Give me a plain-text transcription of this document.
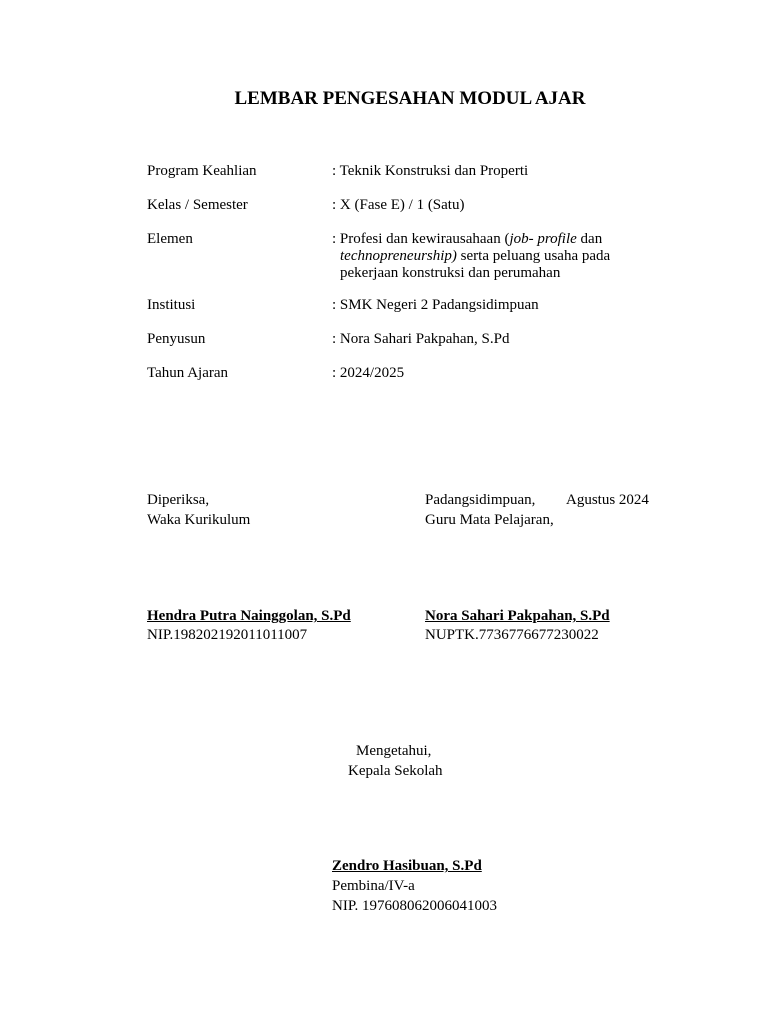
LEMBAR PENGESAHAN MODUL AJAR
Program Keahlian	: Teknik Konstruksi dan Properti
Kelas / Semester	: X (Fase E) / 1 (Satu)
Elemen	: Profesi dan kewirausahaan (job- profile dan
technopreneurship) serta peluang usaha pada
pekerjaan konstruksi dan perumahan
Institusi	: SMK Negeri 2 Padangsidimpuan
Penyusun	: Nora Sahari Pakpahan, S.Pd
Tahun Ajaran	: 2024/2025
Diperiksa,
Waka Kurikulum
Hendra Putra Nainggolan, S.Pd
NIP.198202192011011007
Padangsidimpuan, Agustus 2024
Guru Mata Pelajaran,
Nora Sahari Pakpahan, S.Pd
NUPTK.7736776677230022
Mengetahui,
Kepala Sekolah
Zendro Hasibuan, S.Pd
Pembina/IV-a
NIP. 197608062006041003
